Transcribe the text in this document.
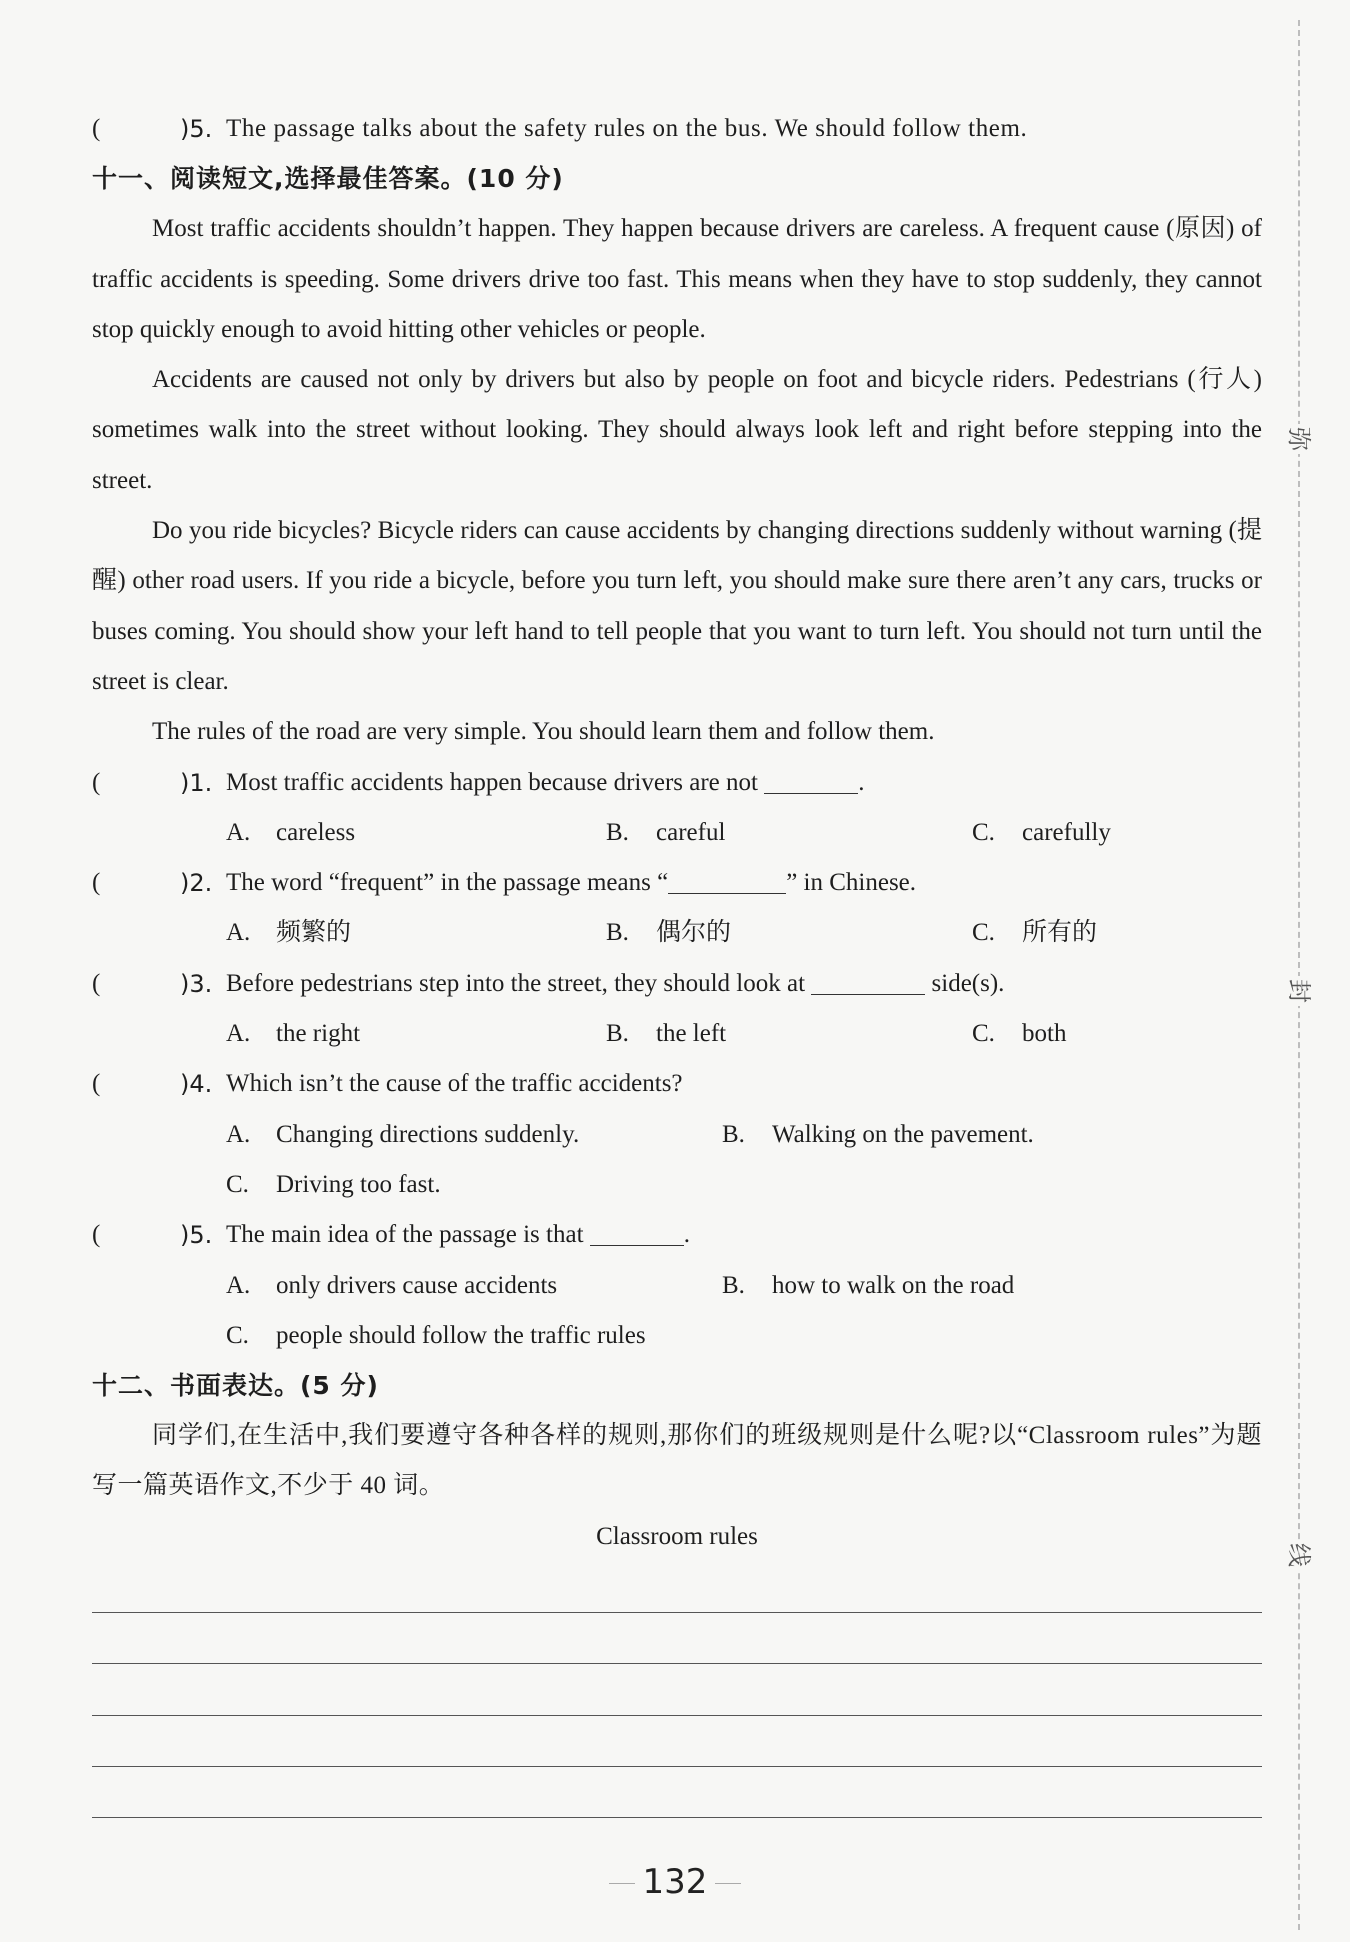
弥
封
线
(	)5. The passage talks about the safety rules on the bus. We should follow them.
十一、阅读短文,选择最佳答案。(10 分)
Most traffic accidents shouldn’t happen. They happen because drivers are careless. A frequent cause (原因) of traffic accidents is speeding. Some drivers drive too fast. This means when they have to stop suddenly, they cannot stop quickly enough to avoid hitting other vehicles or people.
Accidents are caused not only by drivers but also by people on foot and bicycle riders. Pedestrians (行人) sometimes walk into the street without looking. They should always look left and right before stepping into the street.
Do you ride bicycles? Bicycle riders can cause accidents by changing directions suddenly without warning (提醒) other road users. If you ride a bicycle, before you turn left, you should make sure there aren’t any cars, trucks or buses coming. You should show your left hand to tell people that you want to turn left. You should not turn until the street is clear.
The rules of the road are very simple. You should learn them and follow them.
(	)1. Most traffic accidents happen because drivers are not	.
A. careless	B. careful	C. carefully
(	)2. The word “frequent” in the passage means “	” in Chinese.
A. 频繁的	B. 偶尔的	C. 所有的
(	)3. Before pedestrians step into the street, they should look at	side(s).
A. the right	B. the left	C. both
(	)4. Which isn’t the cause of the traffic accidents?
A. Changing directions suddenly.	B. Walking on the pavement.
C. Driving too fast.
(	)5. The main idea of the passage is that	.
A. only drivers cause accidents	B. how to walk on the road
C. people should follow the traffic rules
十二、书面表达。(5 分)
同学们,在生活中,我们要遵守各种各样的规则,那你们的班级规则是什么呢?以“Classroom rules”为题写一篇英语作文,不少于 40 词。
Classroom rules
132
